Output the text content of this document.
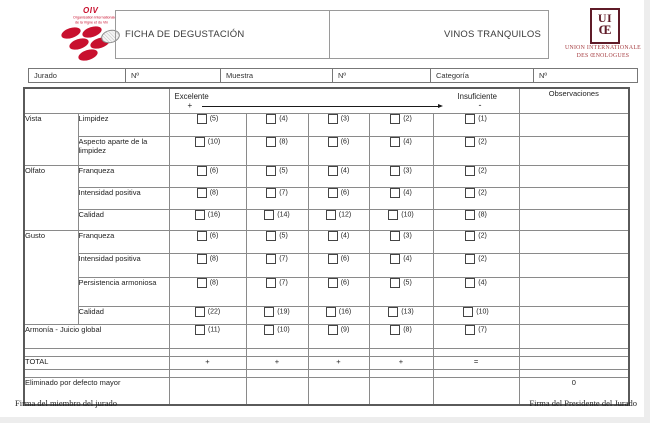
OIV
Organisation Internationale
de la Vigne et du Vin
FICHA DE DEGUSTACIÓN	VINOS TRANQUILOS
UI
Œ
UNION INTERNATIONALE
DES ŒNOLOGUES
Jurado	Nº	Muestra	Nº	Categoría	Nº

		Excelente Insuficiente
+ -					Observaciones
Vista	Limpidez	(5)	(4)	(3)	(2)	(1)	
	Aspecto aparte de la limpidez	(10)	(8)	(6)	(4)	(2)	
Olfato	Franqueza	(6)	(5)	(4)	(3)	(2)	
	Intensidad positiva	(8)	(7)	(6)	(4)	(2)	
	Calidad	(16)	(14)	(12)	(10)	(8)	
Gusto	Franqueza	(6)	(5)	(4)	(3)	(2)	
	Intensidad positiva	(8)	(7)	(6)	(4)	(2)	
	Persistencia armoniosa	(8)	(7)	(6)	(5)	(4)	
	Calidad	(22)	(19)	(16)	(13)	(10)	
Armonía - Juicio global		(11)	(10)	(9)	(8)	(7)	

TOTAL		+	+	+	+	=	

Eliminado por defecto mayor							0
Firma del miembro del jurado	Firma del Presidente del Jurado
